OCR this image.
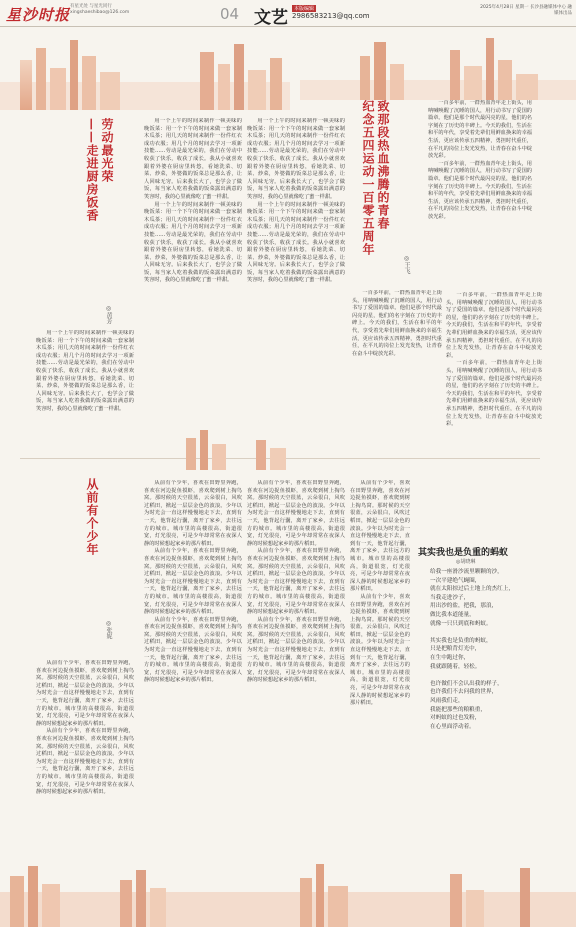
星沙时报 有星光处 与星光同行 xingshaeshibao@126.com	04 文艺	本版编辑
2986583213@qq.com
2025年4月28日 星期一 长沙县融媒体中心 融媒体出品
劳动最光荣
——走进厨房饭香
◎黄芳

用一个上午的时间来制作一顿美味的晚饭菜：用一个下午的时间来做一套家制木瓜茶；用几天的时间来制作一份件红衣成功衣服；用几个月的时间去学习一项新技能……劳动是最光荣的，我们在劳动中收获了快乐，收获了成长。我从小就喜欢跟着外婆在厨房里转悠，看她洗菜、切菜、炒菜，外婆做的饭菜总是那么香，让人回味无穷。后来我长大了，也学会了做饭，每当家人吃着我做的饭菜露出满意的笑容时，我的心里就像吃了蜜一样甜。

用一个上午的时间来制作一顿美味的晚饭菜：用一个下午的时间来做一套家制木瓜茶；用几天的时间来制作一份件红衣成功衣服；用几个月的时间去学习一项新技能……劳动是最光荣的，我们在劳动中收获了快乐，收获了成长。我从小就喜欢跟着外婆在厨房里转悠，看她洗菜、切菜、炒菜，外婆做的饭菜总是那么香，让人回味无穷。后来我长大了，也学会了做饭，每当家人吃着我做的饭菜露出满意的笑容时，我的心里就像吃了蜜一样甜。

用一个上午的时间来制作一顿美味的晚饭菜：用一个下午的时间来做一套家制木瓜茶；用几天的时间来制作一份件红衣成功衣服；用几个月的时间去学习一项新技能……劳动是最光荣的，我们在劳动中收获了快乐，收获了成长。我从小就喜欢跟着外婆在厨房里转悠，看她洗菜、切菜、炒菜，外婆做的饭菜总是那么香，让人回味无穷。后来我长大了，也学会了做饭，每当家人吃着我做的饭菜露出满意的笑容时，我的心里就像吃了蜜一样甜。

用一个上午的时间来制作一顿美味的晚饭菜：用一个下午的时间来做一套家制木瓜茶；用几天的时间来制作一份件红衣成功衣服；用几个月的时间去学习一项新技能……劳动是最光荣的，我们在劳动中收获了快乐，收获了成长。我从小就喜欢跟着外婆在厨房里转悠，看她洗菜、切菜、炒菜，外婆做的饭菜总是那么香，让人回味无穷。后来我长大了，也学会了做饭，每当家人吃着我做的饭菜露出满意的笑容时，我的心里就像吃了蜜一样甜。

用一个上午的时间来制作一顿美味的晚饭菜：用一个下午的时间来做一套家制木瓜茶；用几天的时间来制作一份件红衣成功衣服；用几个月的时间去学习一项新技能……劳动是最光荣的，我们在劳动中收获了快乐，收获了成长。我从小就喜欢跟着外婆在厨房里转悠，看她洗菜、切菜、炒菜，外婆做的饭菜总是那么香，让人回味无穷。后来我长大了，也学会了做饭，每当家人吃着我做的饭菜露出满意的笑容时，我的心里就像吃了蜜一样甜。

致那段热血沸腾的青春
纪念五四运动一百零五周年
◎王飞

一百多年前，一群热血青年走上街头，用呐喊唤醒了沉睡的国人，用行动书写了爱国的篇章。他们是那个时代最闪亮的星，他们的名字刻在了历史的丰碑上。今天的我们，生活在和平的年代，享受着先辈们用鲜血换来的幸福生活，更应该传承五四精神，勇担时代重任，在平凡的岗位上发光发热，让青春在奋斗中绽放光彩。

一百多年前，一群热血青年走上街头，用呐喊唤醒了沉睡的国人，用行动书写了爱国的篇章。他们是那个时代最闪亮的星，他们的名字刻在了历史的丰碑上。今天的我们，生活在和平的年代，享受着先辈们用鲜血换来的幸福生活，更应该传承五四精神，勇担时代重任，在平凡的岗位上发光发热，让青春在奋斗中绽放光彩。

一百多年前，一群热血青年走上街头，用呐喊唤醒了沉睡的国人，用行动书写了爱国的篇章。他们是那个时代最闪亮的星，他们的名字刻在了历史的丰碑上。今天的我们，生活在和平的年代，享受着先辈们用鲜血换来的幸福生活，更应该传承五四精神，勇担时代重任，在平凡的岗位上发光发热，让青春在奋斗中绽放光彩。

一百多年前，一群热血青年走上街头，用呐喊唤醒了沉睡的国人，用行动书写了爱国的篇章。他们是那个时代最闪亮的星，他们的名字刻在了历史的丰碑上。今天的我们，生活在和平的年代，享受着先辈们用鲜血换来的幸福生活，更应该传承五四精神，勇担时代重任，在平凡的岗位上发光发热，让青春在奋斗中绽放光彩。

一百多年前，一群热血青年走上街头，用呐喊唤醒了沉睡的国人，用行动书写了爱国的篇章。他们是那个时代最闪亮的星，他们的名字刻在了历史的丰碑上。今天的我们，生活在和平的年代，享受着先辈们用鲜血换来的幸福生活，更应该传承五四精神，勇担时代重任，在平凡的岗位上发光发热，让青春在奋斗中绽放光彩。

从前有个少年
◎张妮

从前有个少年，喜欢在田野里奔跑，喜欢在河边捉鱼摸虾，喜欢爬到树上掏鸟窝。那时候的天空很蓝，云朵很白，风吹过稻田，掀起一层层金色的波浪。少年以为时光会一直这样慢慢地走下去，直到有一天，他背起行囊，离开了家乡，去往远方的城市。城市里的高楼很高，街道很宽，灯光很亮，可是少年却常常在夜深人静的时候想起家乡的那片稻田。

从前有个少年，喜欢在田野里奔跑，喜欢在河边捉鱼摸虾，喜欢爬到树上掏鸟窝。那时候的天空很蓝，云朵很白，风吹过稻田，掀起一层层金色的波浪。少年以为时光会一直这样慢慢地走下去，直到有一天，他背起行囊，离开了家乡，去往远方的城市。城市里的高楼很高，街道很宽，灯光很亮，可是少年却常常在夜深人静的时候想起家乡的那片稻田。

从前有个少年，喜欢在田野里奔跑，喜欢在河边捉鱼摸虾，喜欢爬到树上掏鸟窝。那时候的天空很蓝，云朵很白，风吹过稻田，掀起一层层金色的波浪。少年以为时光会一直这样慢慢地走下去，直到有一天，他背起行囊，离开了家乡，去往远方的城市。城市里的高楼很高，街道很宽，灯光很亮，可是少年却常常在夜深人静的时候想起家乡的那片稻田。

从前有个少年，喜欢在田野里奔跑，喜欢在河边捉鱼摸虾，喜欢爬到树上掏鸟窝。那时候的天空很蓝，云朵很白，风吹过稻田，掀起一层层金色的波浪。少年以为时光会一直这样慢慢地走下去，直到有一天，他背起行囊，离开了家乡，去往远方的城市。城市里的高楼很高，街道很宽，灯光很亮，可是少年却常常在夜深人静的时候想起家乡的那片稻田。

从前有个少年，喜欢在田野里奔跑，喜欢在河边捉鱼摸虾，喜欢爬到树上掏鸟窝。那时候的天空很蓝，云朵很白，风吹过稻田，掀起一层层金色的波浪。少年以为时光会一直这样慢慢地走下去，直到有一天，他背起行囊，离开了家乡，去往远方的城市。城市里的高楼很高，街道很宽，灯光很亮，可是少年却常常在夜深人静的时候想起家乡的那片稻田。

从前有个少年，喜欢在田野里奔跑，喜欢在河边捉鱼摸虾，喜欢爬到树上掏鸟窝。那时候的天空很蓝，云朵很白，风吹过稻田，掀起一层层金色的波浪。少年以为时光会一直这样慢慢地走下去，直到有一天，他背起行囊，离开了家乡，去往远方的城市。城市里的高楼很高，街道很宽，灯光很亮，可是少年却常常在夜深人静的时候想起家乡的那片稻田。

从前有个少年，喜欢在田野里奔跑，喜欢在河边捉鱼摸虾，喜欢爬到树上掏鸟窝。那时候的天空很蓝，云朵很白，风吹过稻田，掀起一层层金色的波浪。少年以为时光会一直这样慢慢地走下去，直到有一天，他背起行囊，离开了家乡，去往远方的城市。城市里的高楼很高，街道很宽，灯光很亮，可是少年却常常在夜深人静的时候想起家乡的那片稻田。

从前有个少年，喜欢在田野里奔跑，喜欢在河边捉鱼摸虾，喜欢爬到树上掏鸟窝。那时候的天空很蓝，云朵很白，风吹过稻田，掀起一层层金色的波浪。少年以为时光会一直这样慢慢地走下去，直到有一天，他背起行囊，离开了家乡，去往远方的城市。城市里的高楼很高，街道很宽，灯光很亮，可是少年却常常在夜深人静的时候想起家乡的那片稻田。

从前有个少年，喜欢在田野里奔跑，喜欢在河边捉鱼摸虾，喜欢爬到树上掏鸟窝。那时候的天空很蓝，云朵很白，风吹过稻田，掀起一层层金色的波浪。少年以为时光会一直这样慢慢地走下去，直到有一天，他背起行囊，离开了家乡，去往远方的城市。城市里的高楼很高，街道很宽，灯光很亮，可是少年却常常在夜深人静的时候想起家乡的那片稻田。

从前有个少年，喜欢在田野里奔跑，喜欢在河边捉鱼摸虾，喜欢爬到树上掏鸟窝。那时候的天空很蓝，云朵很白，风吹过稻田，掀起一层层金色的波浪。少年以为时光会一直这样慢慢地走下去，直到有一天，他背起行囊，离开了家乡，去往远方的城市。城市里的高楼很高，街道很宽，灯光很亮，可是少年却常常在夜深人静的时候想起家乡的那片稻田。

其实我也是负重的蚂蚁
◎胡晓琳
给我一座滑沙流里颗颗的沙，
一次平建绝气蝇圈，
就在太阳掠过后土地上的杰红上，
当我走进沙子，
用出沙的盐，把我，那浪，
做比我本道能量，
就像一只只到底和蚂蚁。

其实我也是负重的蚂蚁，
只是把粮背灯光中，
在生中跑过你，
我就跟随着，轻松。

也许做们不会认出我的样子，
也许我们不去问我的世界，
风雨我们走，
我能把那些的粮粮重，
对蚂蚁的过也发粉，
在心里面浮动着。
